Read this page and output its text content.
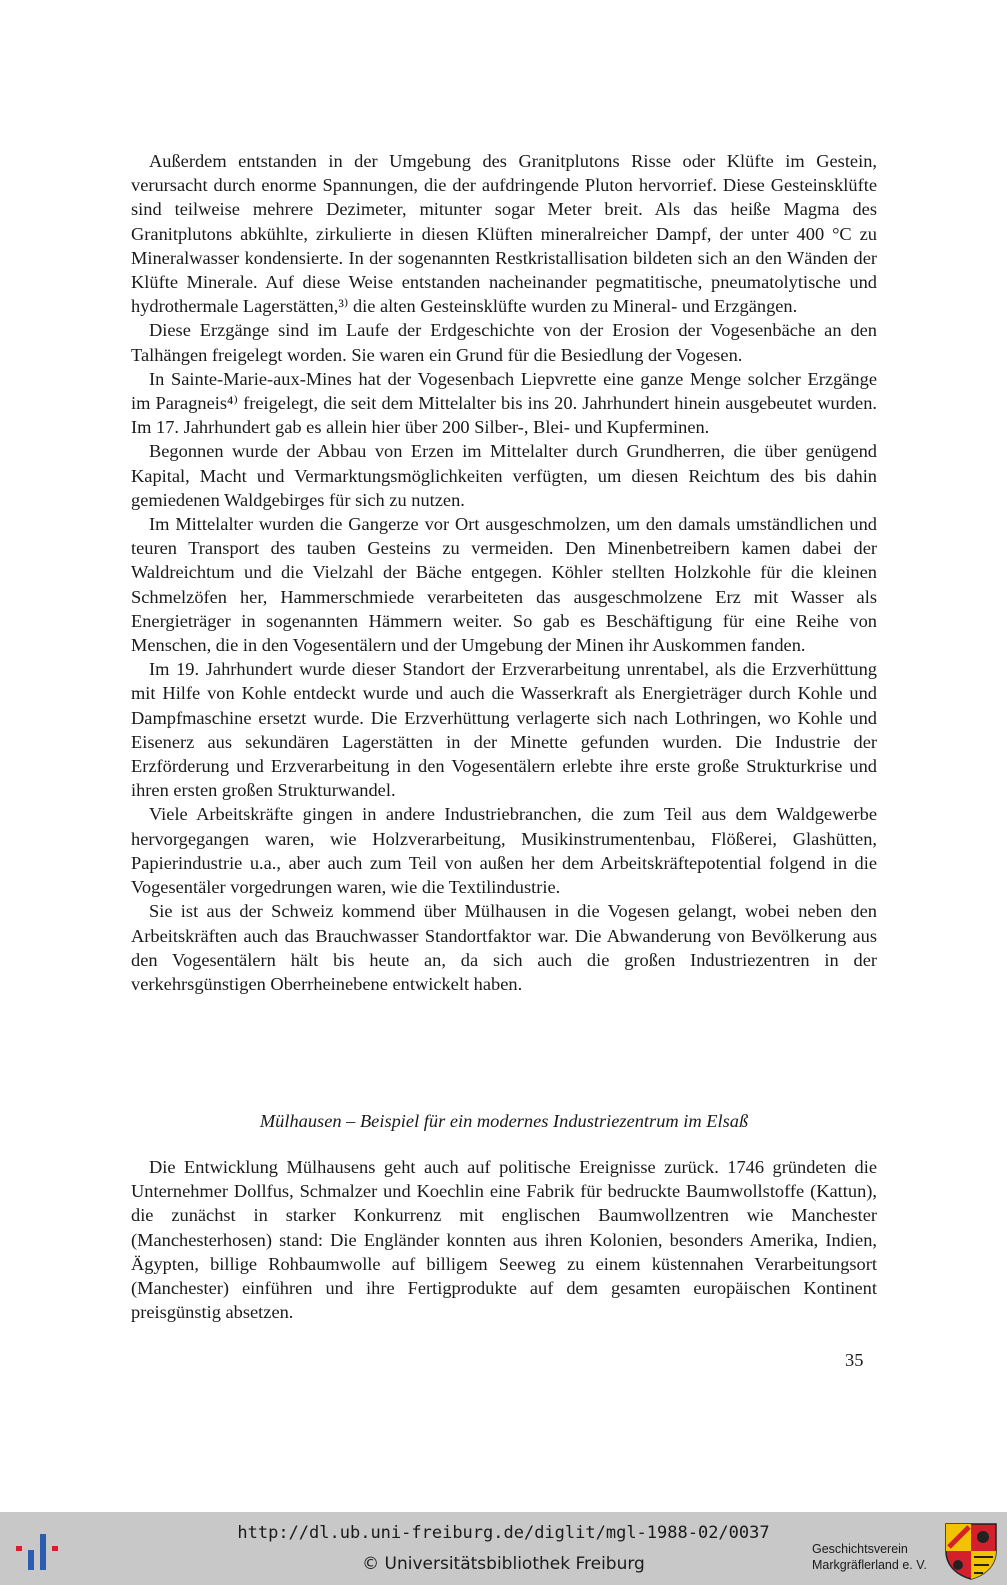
Außerdem entstanden in der Umgebung des Granitplutons Risse oder Klüfte im Gestein, verursacht durch enorme Spannungen, die der aufdringende Pluton hervorrief. Diese Gesteinsklüfte sind teilweise mehrere Dezimeter, mitunter sogar Meter breit. Als das heiße Magma des Granitplutons abkühlte, zirkulierte in diesen Klüften mineralreicher Dampf, der unter 400 °C zu Mineralwasser kondensierte. In der sogenannten Restkristallisation bildeten sich an den Wänden der Klüfte Minerale. Auf diese Weise entstanden nacheinander pegmatitische, pneumatolytische und hydrothermale Lagerstätten,³⁾ die alten Gesteinsklüfte wurden zu Mineral- und Erzgängen.

Diese Erzgänge sind im Laufe der Erdgeschichte von der Erosion der Vogesenbäche an den Talhängen freigelegt worden. Sie waren ein Grund für die Besiedlung der Vogesen.

In Sainte-Marie-aux-Mines hat der Vogesenbach Liepvrette eine ganze Menge solcher Erzgänge im Paragneis⁴⁾ freigelegt, die seit dem Mittelalter bis ins 20. Jahrhundert hinein ausgebeutet wurden. Im 17. Jahrhundert gab es allein hier über 200 Silber-, Blei- und Kupferminen.

Begonnen wurde der Abbau von Erzen im Mittelalter durch Grundherren, die über genügend Kapital, Macht und Vermarktungsmöglichkeiten verfügten, um diesen Reichtum des bis dahin gemiedenen Waldgebirges für sich zu nutzen.

Im Mittelalter wurden die Gangerze vor Ort ausgeschmolzen, um den damals umständlichen und teuren Transport des tauben Gesteins zu vermeiden. Den Minenbetreibern kamen dabei der Waldreichtum und die Vielzahl der Bäche entgegen. Köhler stellten Holzkohle für die kleinen Schmelzöfen her, Hammerschmiede verarbeiteten das ausgeschmolzene Erz mit Wasser als Energieträger in sogenannten Hämmern weiter. So gab es Beschäftigung für eine Reihe von Menschen, die in den Vogesentälern und der Umgebung der Minen ihr Auskommen fanden.

Im 19. Jahrhundert wurde dieser Standort der Erzverarbeitung unrentabel, als die Erzverhüttung mit Hilfe von Kohle entdeckt wurde und auch die Wasserkraft als Energieträger durch Kohle und Dampfmaschine ersetzt wurde. Die Erzverhüttung verlagerte sich nach Lothringen, wo Kohle und Eisenerz aus sekundären Lagerstätten in der Minette gefunden wurden. Die Industrie der Erzförderung und Erzverarbeitung in den Vogesentälern erlebte ihre erste große Strukturkrise und ihren ersten großen Strukturwandel.

Viele Arbeitskräfte gingen in andere Industriebranchen, die zum Teil aus dem Waldgewerbe hervorgegangen waren, wie Holzverarbeitung, Musikinstrumentenbau, Flößerei, Glashütten, Papierindustrie u.a., aber auch zum Teil von außen her dem Arbeitskräftepotential folgend in die Vogesentäler vorgedrungen waren, wie die Textilindustrie.

Sie ist aus der Schweiz kommend über Mülhausen in die Vogesen gelangt, wobei neben den Arbeitskräften auch das Brauchwasser Standortfaktor war. Die Abwanderung von Bevölkerung aus den Vogesentälern hält bis heute an, da sich auch die großen Industriezentren in der verkehrsgünstigen Oberrheinebene entwickelt haben.

Mülhausen – Beispiel für ein modernes Industriezentrum im Elsaß

Die Entwicklung Mülhausens geht auch auf politische Ereignisse zurück. 1746 gründeten die Unternehmer Dollfus, Schmalzer und Koechlin eine Fabrik für bedruckte Baumwollstoffe (Kattun), die zunächst in starker Konkurrenz mit englischen Baumwollzentren wie Manchester (Manchesterhosen) stand: Die Engländer konnten aus ihren Kolonien, besonders Amerika, Indien, Ägypten, billige Rohbaumwolle auf billigem Seeweg zu einem küstennahen Verarbeitungsort (Manchester) einführen und ihre Fertigprodukte auf dem gesamten europäischen Kontinent preisgünstig absetzen.

35
http://dl.ub.uni-freiburg.de/diglit/mgl-1988-02/0037
© Universitätsbibliothek Freiburg
Geschichtsverein
Markgräflerland e. V.
